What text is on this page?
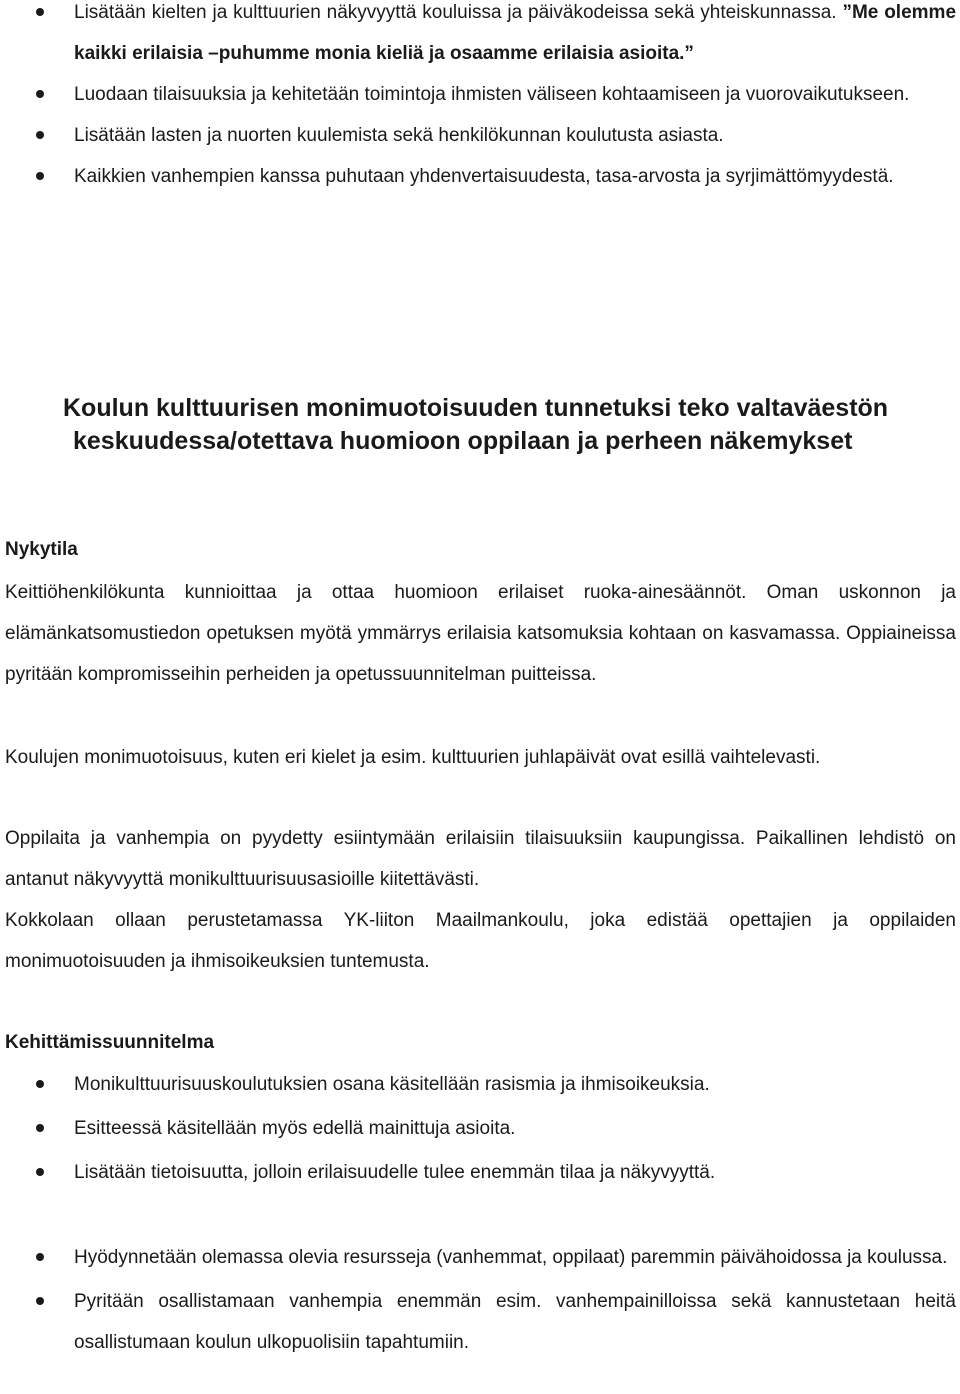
Lisätään kielten ja kulttuurien näkyvyyttä kouluissa ja päiväkodeissa sekä yhteiskunnassa. ”Me olemme kaikki erilaisia –puhumme monia kieliä ja osaamme erilaisia asioita.”
Luodaan tilaisuuksia ja kehitetään toimintoja ihmisten väliseen kohtaamiseen ja vuorovaikutukseen.
Lisätään lasten ja nuorten kuulemista sekä henkilökunnan koulutusta asiasta.
Kaikkien vanhempien kanssa puhutaan yhdenvertaisuudesta, tasa-arvosta ja syrjimättömyydestä.
Koulun kulttuurisen monimuotoisuuden tunnetuksi teko valtaväestön keskuudessa/otettava huomioon oppilaan ja perheen näkemykset
Nykytila

Keittiöhenkilökunta kunnioittaa ja ottaa huomioon erilaiset ruoka-ainesäännöt. Oman uskonnon ja elämänkatsomustiedon opetuksen myötä ymmärrys erilaisia katsomuksia kohtaan on kasvamassa. Oppiaineissa pyritään kompromisseihin perheiden ja opetussuunnitelman puitteissa.

Koulujen monimuotoisuus, kuten eri kielet ja esim. kulttuurien juhlapäivät ovat esillä vaihtelevasti.

Oppilaita ja vanhempia on pyydetty esiintymään erilaisiin tilaisuuksiin kaupungissa. Paikallinen lehdistö on antanut näkyvyyttä monikulttuurisuusasioille kiitettävästi.

Kokkolaan ollaan perustetamassa YK-liiton Maailmankoulu, joka edistää opettajien ja oppilaiden monimuotoisuuden ja ihmisoikeuksien tuntemusta.

Kehittämissuunnitelma
Monikulttuurisuuskoulutuksien osana käsitellään rasismia ja ihmisoikeuksia.
Esitteessä käsitellään myös edellä mainittuja asioita.
Lisätään tietoisuutta, jolloin erilaisuudelle tulee enemmän tilaa ja näkyvyyttä.
Hyödynnetään olemassa olevia resursseja (vanhemmat, oppilaat) paremmin päivähoidossa ja koulussa.
Pyritään osallistamaan vanhempia enemmän esim. vanhempainilloissa sekä kannustetaan heitä osallistumaan koulun ulkopuolisiin tapahtumiin.
